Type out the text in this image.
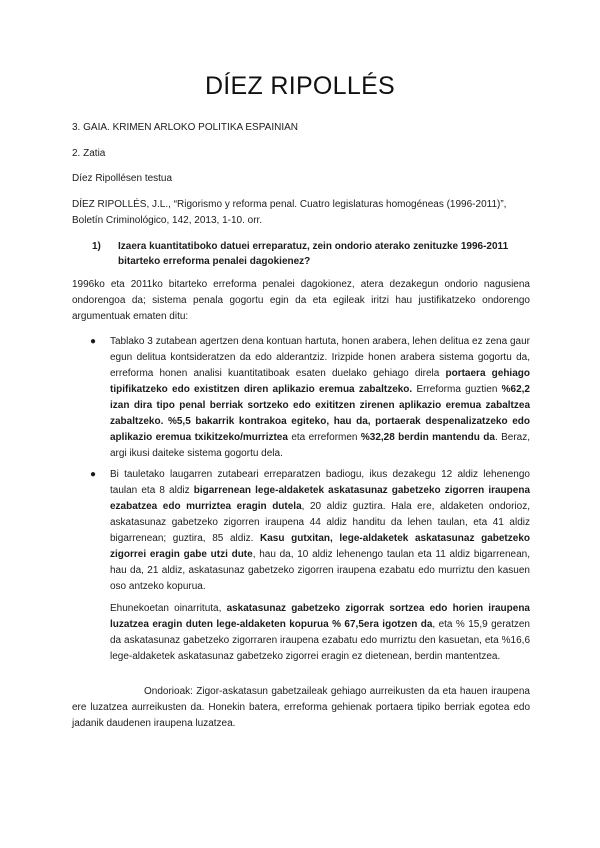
DÍEZ RIPOLLÉS

3. GAIA. KRIMEN ARLOKO POLITIKA ESPAINIAN

2. Zatia

Díez Ripollésen testua

DÍEZ RIPOLLÉS, J.L., “Rigorismo y reforma penal. Cuatro legislaturas homogéneas (1996-2011)”,

Boletín Criminológico, 142, 2013, 1-10. orr.

1)	Izaera kuantitatiboko datuei erreparatuz, zein ondorio aterako zenituzke 1996-2011 bitarteko erreforma penalei dagokienez?

1996ko eta 2011ko bitarteko erreforma penalei dagokionez, atera dezakegun ondorio nagusiena ondorengoa da; sistema penala gogortu egin da eta egileak iritzi hau justifikatzeko ondorengo argumentuak ematen ditu:

● Tablako 3 zutabean agertzen dena kontuan hartuta, honen arabera, lehen delitua ez zena gaur egun delitua kontsideratzen da edo alderantziz. Irizpide honen arabera sistema gogortu da, erreforma honen analisi kuantitatiboak esaten duelako gehiago direla portaera gehiago tipifikatzeko edo existitzen diren aplikazio eremua zabaltzeko. Erreforma guztien %62,2 izan dira tipo penal berriak sortzeko edo exititzen zirenen aplikazio eremua zabaltzea zabaltzeko. %5,5 bakarrik kontrakoa egiteko, hau da, portaerak despenalizatzeko edo aplikazio eremua txikitzeko/murriztea eta erreformen %32,28 berdin mantendu da. Beraz, argi ikusi daiteke sistema gogortu dela.

● Bi tauletako laugarren zutabeari erreparatzen badiogu, ikus dezakegu 12 aldiz lehenengo taulan eta 8 aldiz bigarrenean lege-aldaketek askatasunaz gabetzeko zigorren iraupena ezabatzea edo murriztea eragin dutela, 20 aldiz guztira. Hala ere, aldaketen ondorioz, askatasunaz gabetzeko zigorren iraupena 44 aldiz handitu da lehen taulan, eta 41 aldiz bigarrenean; guztira, 85 aldiz. Kasu gutxitan, lege-aldaketek askatasunaz gabetzeko zigorrei eragin gabe utzi dute, hau da, 10 aldiz lehenengo taulan eta 11 aldiz bigarrenean, hau da, 21 aldiz, askatasunaz gabetzeko zigorren iraupena ezabatu edo murriztu den kasuen oso antzeko kopurua.

Ehunekoetan oinarrituta, askatasunaz gabetzeko zigorrak sortzea edo horien iraupena luzatzea eragin duten lege-aldaketen kopurua % 67,5era igotzen da, eta % 15,9 geratzen da askatasunaz gabetzeko zigorraren iraupena ezabatu edo murriztu den kasuetan, eta %16,6 lege-aldaketek askatasunaz gabetzeko zigorrei eragin ez dietenean, berdin mantentzea.

Ondorioak: Zigor-askatasun gabetzaileak gehiago aurreikusten da eta hauen iraupena ere luzatzea aurreikusten da. Honekin batera, erreforma gehienak portaera tipiko berriak egotea edo jadanik daudenen iraupena luzatzea.
